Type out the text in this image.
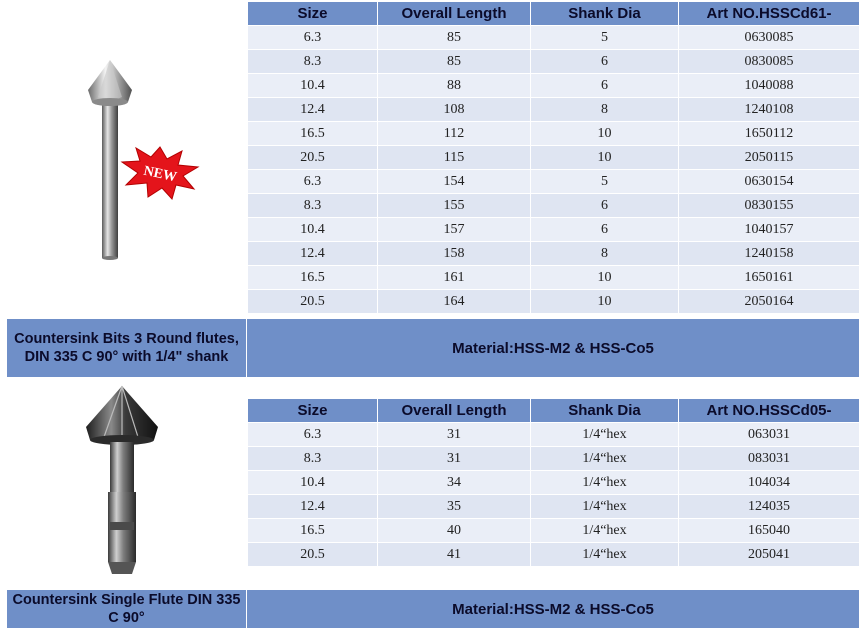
NEW
Size	Overall Length	Shank Dia	Art NO.HSSCd61-
6.3	85	5	0630085
8.3	85	6	0830085
10.4	88	6	1040088
12.4	108	8	1240108
16.5	112	10	1650112
20.5	115	10	2050115
6.3	154	5	0630154
8.3	155	6	0830155
10.4	157	6	1040157
12.4	158	8	1240158
16.5	161	10	1650161
20.5	164	10	2050164
Countersink Bits 3 Round flutes, DIN 335 C 90° with 1/4" shank
Material:HSS-M2 & HSS-Co5
Size	Overall Length	Shank Dia	Art NO.HSSCd05-
6.3	31	1/4“hex	063031
8.3	31	1/4“hex	083031
10.4	34	1/4“hex	104034
12.4	35	1/4“hex	124035
16.5	40	1/4“hex	165040
20.5	41	1/4“hex	205041
Countersink Single Flute DIN 335 C 90°
Material:HSS-M2 & HSS-Co5
